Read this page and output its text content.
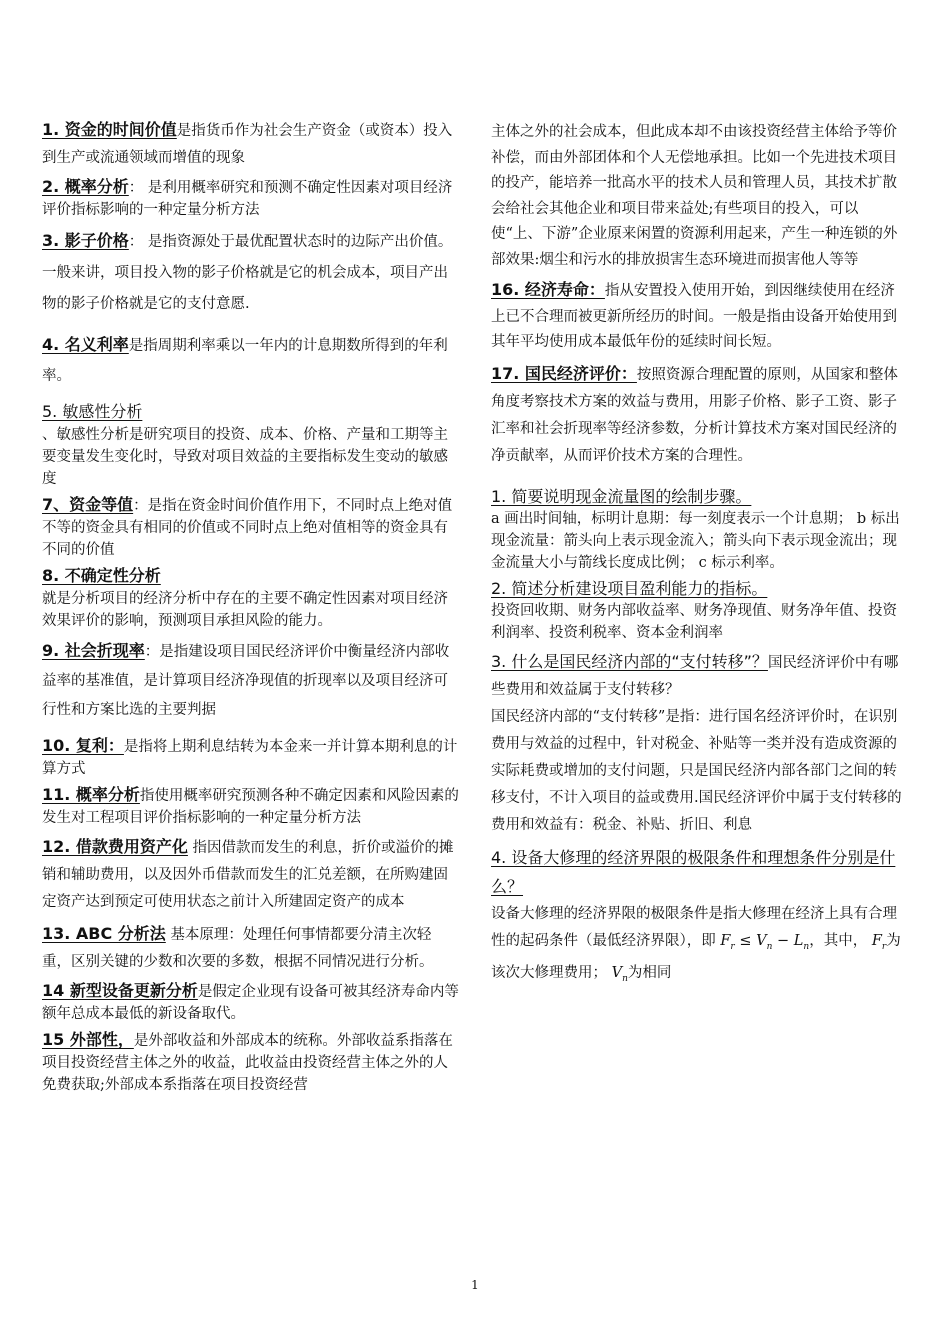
1. 资金的时间价值是指货币作为社会生产资金（或资本）投入到生产或流通领域而增值的现象
2. 概率分析： 是利用概率研究和预测不确定性因素对项目经济评价指标影响的一种定量分析方法
3. 影子价格： 是指资源处于最优配置状态时的边际产出价值。一般来讲，项目投入物的影子价格就是它的机会成本，项目产出物的影子价格就是它的支付意愿.
4. 名义利率是指周期利率乘以一年内的计息期数所得到的年利率。
5. 敏感性分析
、敏感性分析是研究项目的投资、成本、价格、产量和工期等主要变量发生变化时，导致对项目效益的主要指标发生变动的敏感度
7、资金等值：是指在资金时间价值作用下，不同时点上绝对值不等的资金具有相同的价值或不同时点上绝对值相等的资金具有不同的价值
8. 不确定性分析
就是分析项目的经济分析中存在的主要不确定性因素对项目经济效果评价的影响，预测项目承担风险的能力。
9. 社会折现率：是指建设项目国民经济评价中衡量经济内部收益率的基准值，是计算项目经济净现值的折现率以及项目经济可行性和方案比选的主要判据
10. 复利：是指将上期利息结转为本金来一并计算本期利息的计算方式
11. 概率分析指使用概率研究预测各种不确定因素和风险因素的发生对工程项目评价指标影响的一种定量分析方法
12. 借款费用资产化 指因借款而发生的利息，折价或溢价的摊销和辅助费用，以及因外币借款而发生的汇兑差额，在所购建固定资产达到预定可使用状态之前计入所建固定资产的成本
13. ABC 分析法 基本原理：处理任何事情都要分清主次轻重，区别关键的少数和次要的多数，根据不同情况进行分析。
14 新型设备更新分析是假定企业现有设备可被其经济寿命内等额年总成本最低的新设备取代。
15 外部性，是外部收益和外部成本的统称。外部收益系指落在项目投资经营主体之外的收益，此收益由投资经营主体之外的人免费获取;外部成本系指落在项目投资经营
主体之外的社会成本，但此成本却不由该投资经营主体给予等价补偿，而由外部团体和个人无偿地承担。比如一个先进技术项目的投产，能培养一批高水平的技术人员和管理人员，其技术扩散会给社会其他企业和项目带来益处;有些项目的投入，可以使“上、下游”企业原来闲置的资源利用起来，产生一种连锁的外部效果:烟尘和污水的排放损害生态环境进而损害他人等等
16. 经济寿命：指从安置投入使用开始，到因继续使用在经济上已不合理而被更新所经历的时间。一般是指由设备开始使用到其年平均使用成本最低年份的延续时间长短。
17. 国民经济评价：按照资源合理配置的原则，从国家和整体角度考察技术方案的效益与费用，用影子价格、影子工资、影子汇率和社会折现率等经济参数，分析计算技术方案对国民经济的净贡献率，从而评价技术方案的合理性。
1. 简要说明现金流量图的绘制步骤。
a 画出时间轴，标明计息期：每一刻度表示一个计息期； b 标出现金流量：箭头向上表示现金流入；箭头向下表示现金流出；现金流量大小与箭线长度成比例； c 标示利率。
2. 简述分析建设项目盈利能力的指标。
投资回收期、财务内部收益率、财务净现值、财务净年值、投资利润率、投资利税率、资本金利润率
3. 什么是国民经济内部的“支付转移”？国民经济评价中有哪些费用和效益属于支付转移？
国民经济内部的“支付转移”是指：进行国名经济评价时，在识别费用与效益的过程中，针对税金、补贴等一类并没有造成资源的实际耗费或增加的支付问题，只是国民经济内部各部门之间的转移支付，不计入项目的益或费用.国民经济评价中属于支付转移的费用和效益有：税金、补贴、折旧、利息
4. 设备大修理的经济界限的极限条件和理想条件分别是什么？
设备大修理的经济界限的极限条件是指大修理在经济上具有合理性的起码条件（最低经济界限），即 $F_r \le V_n - L_n$，其中， $F_r$为该次大修理费用； $V_n$为相同
1
